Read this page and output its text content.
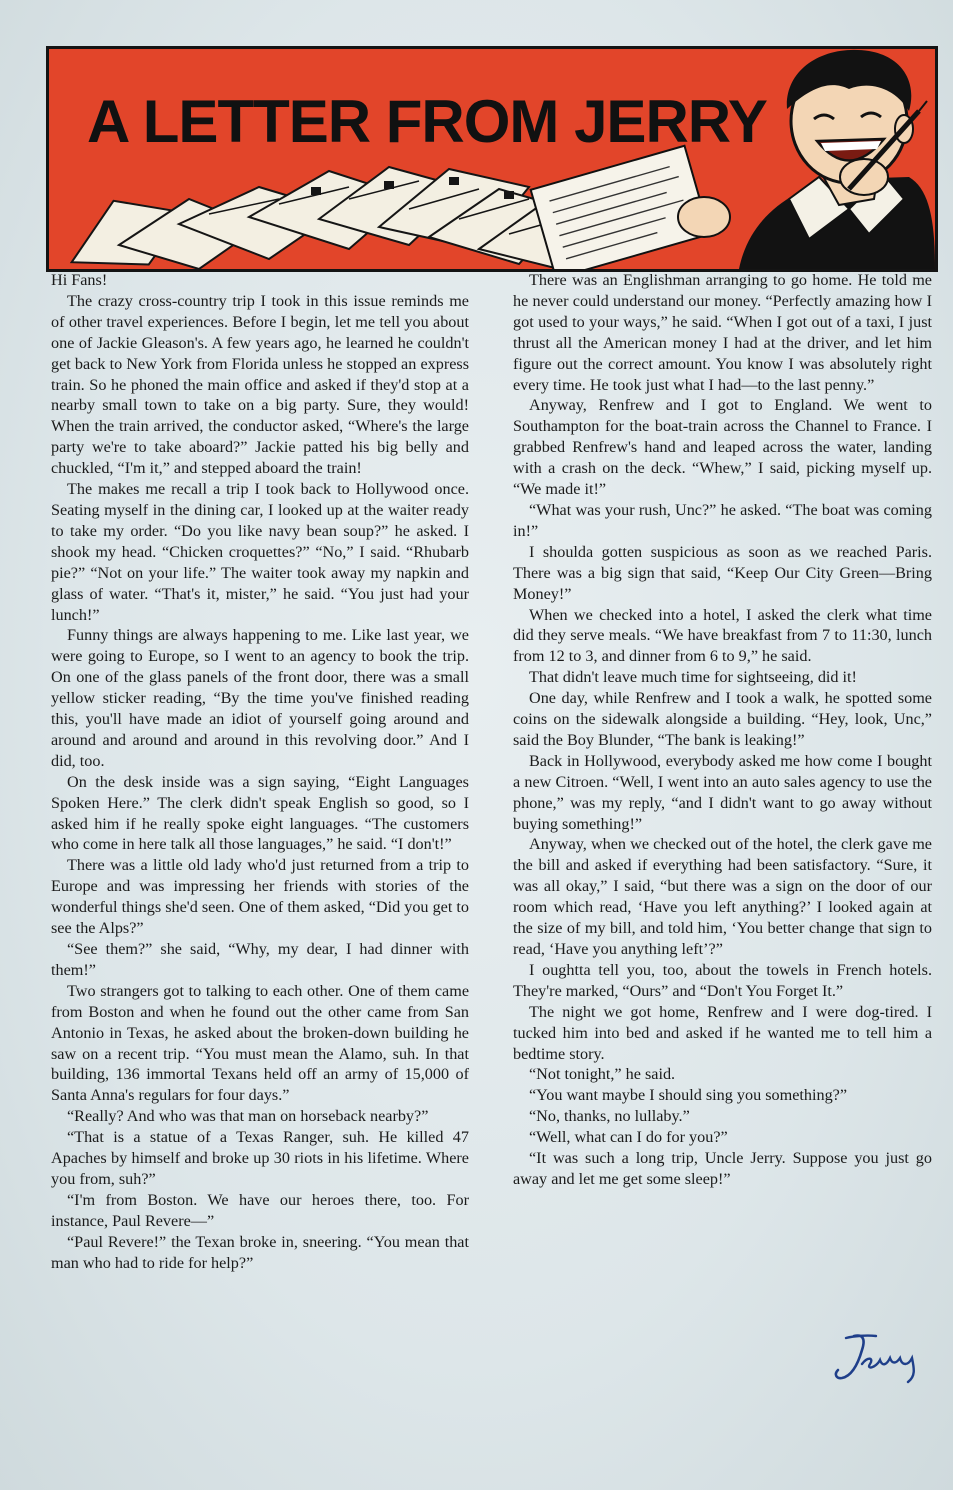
A LETTER FROM JERRY

Hi Fans!

The crazy cross-country trip I took in this issue reminds me of other travel experiences. Before I begin, let me tell you about one of Jackie Gleason's. A few years ago, he learned he couldn't get back to New York from Florida unless he stopped an express train. So he phoned the main office and asked if they'd stop at a nearby small town to take on a big party. Sure, they would! When the train arrived, the conductor asked, “Where's the large party we're to take aboard?” Jackie patted his big belly and chuckled, “I'm it,” and stepped aboard the train!

The makes me recall a trip I took back to Hollywood once. Seating myself in the dining car, I looked up at the waiter ready to take my order. “Do you like navy bean soup?” he asked. I shook my head. “Chicken croquettes?” “No,” I said. “Rhubarb pie?” “Not on your life.” The waiter took away my napkin and glass of water. “That's it, mister,” he said. “You just had your lunch!”

Funny things are always happening to me. Like last year, we were going to Europe, so I went to an agency to book the trip. On one of the glass panels of the front door, there was a small yellow sticker reading, “By the time you've finished reading this, you'll have made an idiot of yourself going around and around and around and around in this revolving door.” And I did, too.

On the desk inside was a sign saying, “Eight Languages Spoken Here.” The clerk didn't speak English so good, so I asked him if he really spoke eight languages. “The customers who come in here talk all those languages,” he said. “I don't!”

There was a little old lady who'd just returned from a trip to Europe and was impressing her friends with stories of the wonderful things she'd seen. One of them asked, “Did you get to see the Alps?”

“See them?” she said, “Why, my dear, I had dinner with them!”

Two strangers got to talking to each other. One of them came from Boston and when he found out the other came from San Antonio in Texas, he asked about the broken-down building he saw on a recent trip. “You must mean the Alamo, suh. In that building, 136 immortal Texans held off an army of 15,000 of Santa Anna's regulars for four days.”

“Really? And who was that man on horseback nearby?”

“That is a statue of a Texas Ranger, suh. He killed 47 Apaches by himself and broke up 30 riots in his lifetime. Where you from, suh?”

“I'm from Boston. We have our heroes there, too. For instance, Paul Revere—”

“Paul Revere!” the Texan broke in, sneering. “You mean that man who had to ride for help?”

There was an Englishman arranging to go home. He told me he never could understand our money. “Perfectly amazing how I got used to your ways,” he said. “When I got out of a taxi, I just thrust all the American money I had at the driver, and let him figure out the correct amount. You know I was absolutely right every time. He took just what I had—to the last penny.”

Anyway, Renfrew and I got to England. We went to Southampton for the boat-train across the Channel to France. I grabbed Renfrew's hand and leaped across the water, landing with a crash on the deck. “Whew,” I said, picking myself up. “We made it!”

“What was your rush, Unc?” he asked. “The boat was coming in!”

I shoulda gotten suspicious as soon as we reached Paris. There was a big sign that said, “Keep Our City Green—Bring Money!”

When we checked into a hotel, I asked the clerk what time did they serve meals. “We have breakfast from 7 to 11:30, lunch from 12 to 3, and dinner from 6 to 9,” he said.

That didn't leave much time for sightseeing, did it!

One day, while Renfrew and I took a walk, he spotted some coins on the sidewalk alongside a building. “Hey, look, Unc,” said the Boy Blunder, “The bank is leaking!”

Back in Hollywood, everybody asked me how come I bought a new Citroen. “Well, I went into an auto sales agency to use the phone,” was my reply, “and I didn't want to go away without buying something!”

Anyway, when we checked out of the hotel, the clerk gave me the bill and asked if everything had been satisfactory. “Sure, it was all okay,” I said, “but there was a sign on the door of our room which read, ‘Have you left anything?’ I looked again at the size of my bill, and told him, ‘You better change that sign to read, ‘Have you anything left’?”

I oughtta tell you, too, about the towels in French hotels. They're marked, “Ours” and “Don't You Forget It.”

The night we got home, Renfrew and I were dog-tired. I tucked him into bed and asked if he wanted me to tell him a bedtime story.

“Not tonight,” he said.

“You want maybe I should sing you something?”

“No, thanks, no lullaby.”

“Well, what can I do for you?”

“It was such a long trip, Uncle Jerry. Suppose you just go away and let me get some sleep!”
